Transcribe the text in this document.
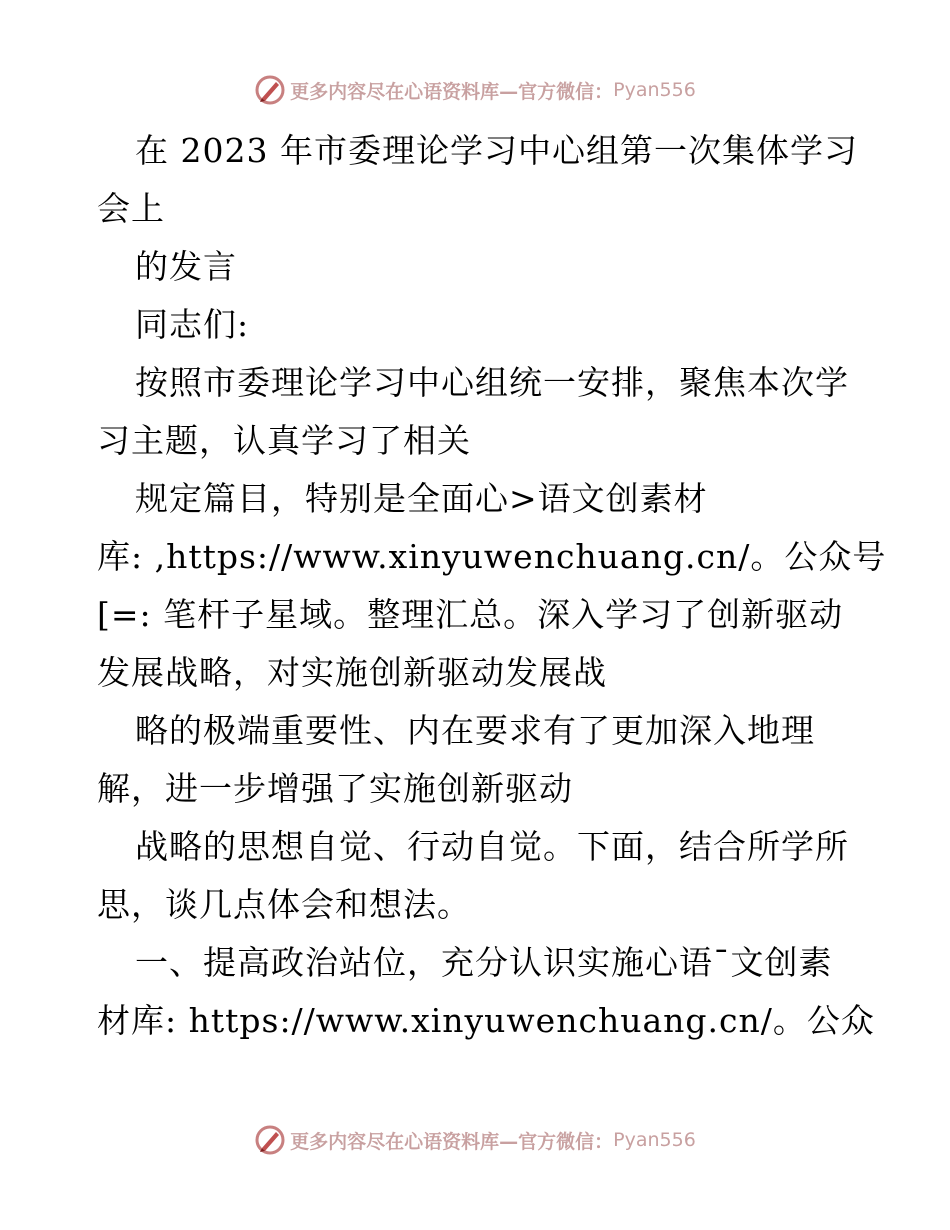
更多内容尽在心语资料库—官方微信： Pyan556
在 2023 年市委理论学习中心组第一次集体学习
会上
的发言
同志们:
按照市委理论学习中心组统一安排，聚焦本次学
习主题，认真学习了相关
规定篇目，特别是全面心>语文创素材
库: ,https://www.xinyuwenchuang.cn/。公众号
[=: 笔杆子星域。整理汇总。深入学习了创新驱动
发展战略，对实施创新驱动发展战
略的极端重要性、内在要求有了更加深入地理
解，进一步增强了实施创新驱动
战略的思想自觉、行动自觉。下面，结合所学所
思，谈几点体会和想法。
一、提高政治站位，充分认识实施心语¯文创素
材库: https://www.xinyuwenchuang.cn/。公众
更多内容尽在心语资料库—官方微信： Pyan556
